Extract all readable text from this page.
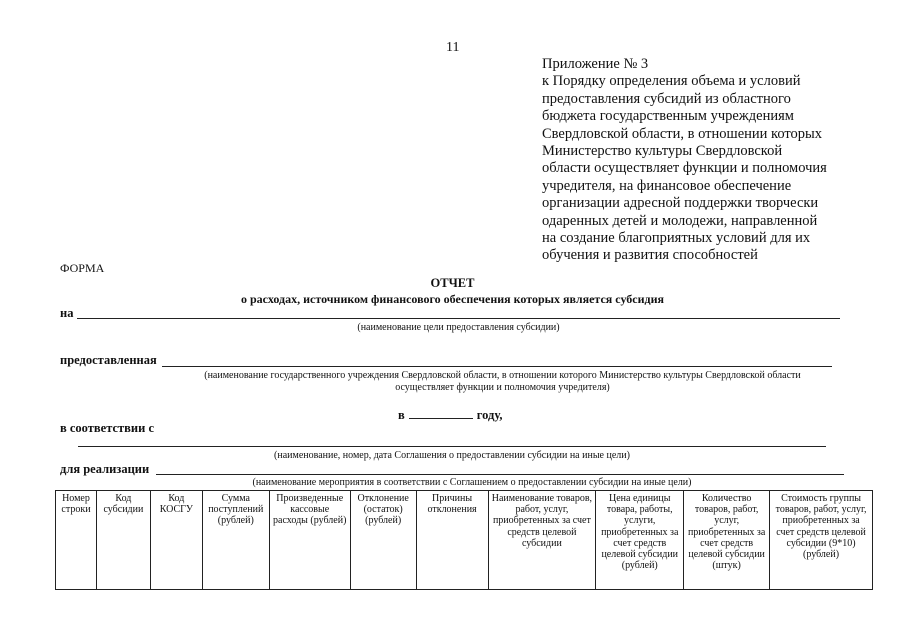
11
Приложение № 3
к Порядку определения объема и условий
предоставления субсидий из областного
бюджета государственным учреждениям
Свердловской области, в отношении которых
Министерство культуры Свердловской
области осуществляет функции и полномочия
учредителя, на финансовое обеспечение
организации адресной поддержки творчески
одаренных детей и молодежи, направленной
на создание благоприятных условий для их
обучения и развития способностей
ФОРМА
ОТЧЕТ
о расходах, источником финансового обеспечения которых является субсидия
на
(наименование цели предоставления субсидии)
предоставленная
(наименование государственного учреждения Свердловской области, в отношении которого Министерство культуры Свердловской области
осуществляет функции и полномочия учредителя)
в	году,
в соответствии с
(наименование, номер, дата Соглашения о предоставлении субсидии на иные цели)
для реализации
(наименование мероприятия в соответствии с Соглашением о предоставлении субсидии на иные цели)
Номер строки	Код субсидии	Код КОСГУ	Сумма поступлений (рублей)	Произведенные кассовые расходы (рублей)	Отклонение (остаток) (рублей)	Причины отклонения	Наименование товаров, работ, услуг, приобретенных за счет средств целевой субсидии	Цена единицы товара, работы, услуги, приобретенных за счет средств целевой субсидии (рублей)	Количество товаров, работ, услуг, приобретенных за счет средств целевой субсидии (штук)	Стоимость группы товаров, работ, услуг, приобретенных за счет средств целевой субсидии (9*10) (рублей)
